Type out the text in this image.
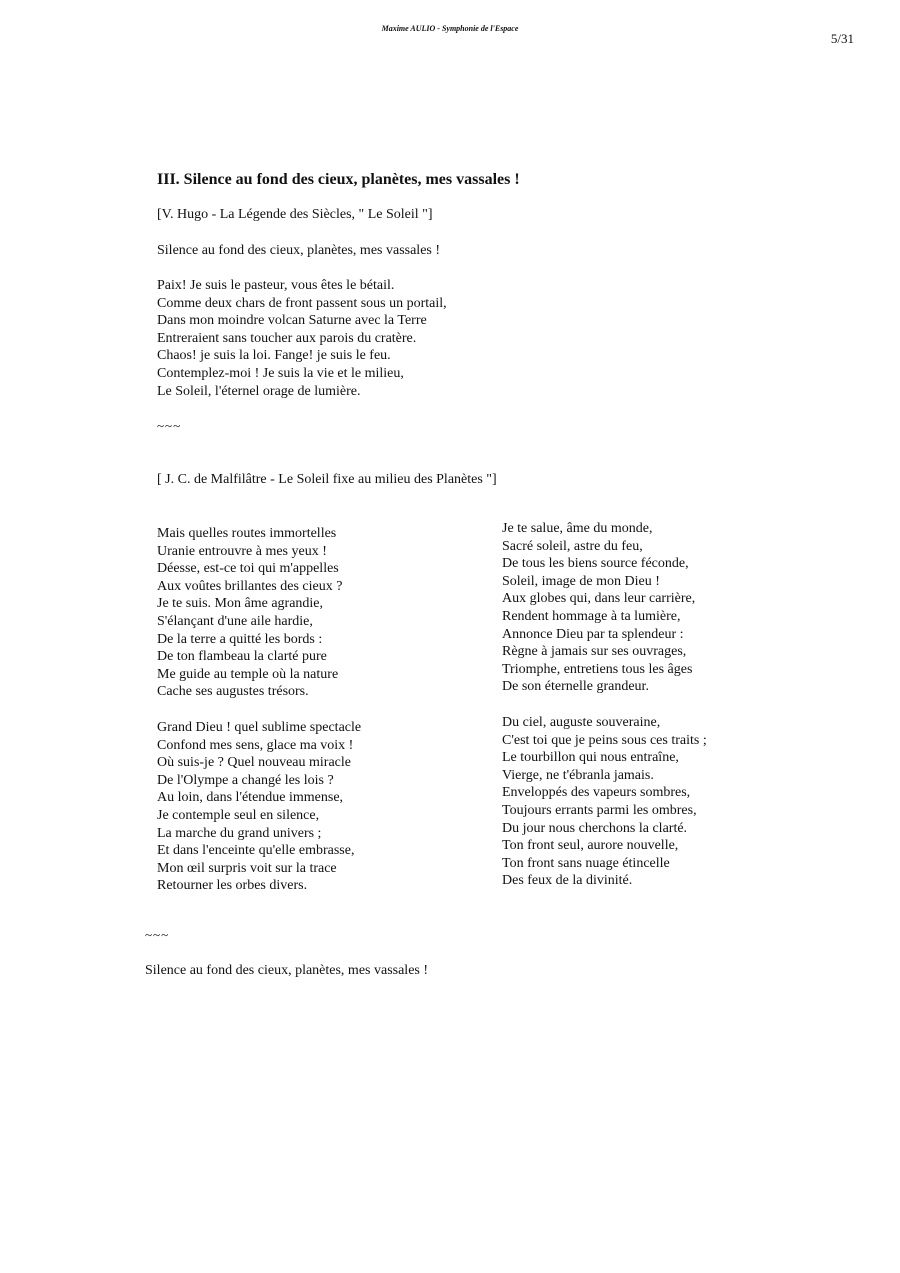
Maxime AULIO - Symphonie de l'Espace
5/31
III. Silence au fond des cieux, planètes, mes vassales !
[V. Hugo - La Légende des Siècles, " Le Soleil "]
Silence au fond des cieux, planètes, mes vassales !
Paix! Je suis le pasteur, vous êtes le bétail.
Comme deux chars de front passent sous un portail,
Dans mon moindre volcan Saturne avec la Terre
Entreraient sans toucher aux parois du cratère.
Chaos! je suis la loi. Fange! je suis le feu.
Contemplez-moi ! Je suis la vie et le milieu,
Le Soleil, l'éternel orage de lumière.
~~~
[ J. C. de Malfilâtre - Le Soleil fixe au milieu des Planètes "]
Mais quelles routes immortelles
Uranie entrouvre à mes yeux !
Déesse, est-ce toi qui m'appelles
Aux voûtes brillantes des cieux ?
Je te suis. Mon âme agrandie,
S'élançant d'une aile hardie,
De la terre a quitté les bords :
De ton flambeau la clarté pure
Me guide au temple où la nature
Cache ses augustes trésors.
Grand Dieu ! quel sublime spectacle
Confond mes sens, glace ma voix !
Où suis-je ? Quel nouveau miracle
De l'Olympe a changé les lois ?
Au loin, dans l'étendue immense,
Je contemple seul en silence,
La marche du grand univers ;
Et dans l'enceinte qu'elle embrasse,
Mon œil surpris voit sur la trace
Retourner les orbes divers.
Je te salue, âme du monde,
Sacré soleil, astre du feu,
De tous les biens source féconde,
Soleil, image de mon Dieu !
Aux globes qui, dans leur carrière,
Rendent hommage à ta lumière,
Annonce Dieu par ta splendeur :
Règne à jamais sur ses ouvrages,
Triomphe, entretiens tous les âges
De son éternelle grandeur.
Du ciel, auguste souveraine,
C'est toi que je peins sous ces traits ;
Le tourbillon qui nous entraîne,
Vierge, ne t'ébranla jamais.
Enveloppés des vapeurs sombres,
Toujours errants parmi les ombres,
Du jour nous cherchons la clarté.
Ton front seul, aurore nouvelle,
Ton front sans nuage étincelle
Des feux de la divinité.
~~~
Silence au fond des cieux, planètes, mes vassales !
